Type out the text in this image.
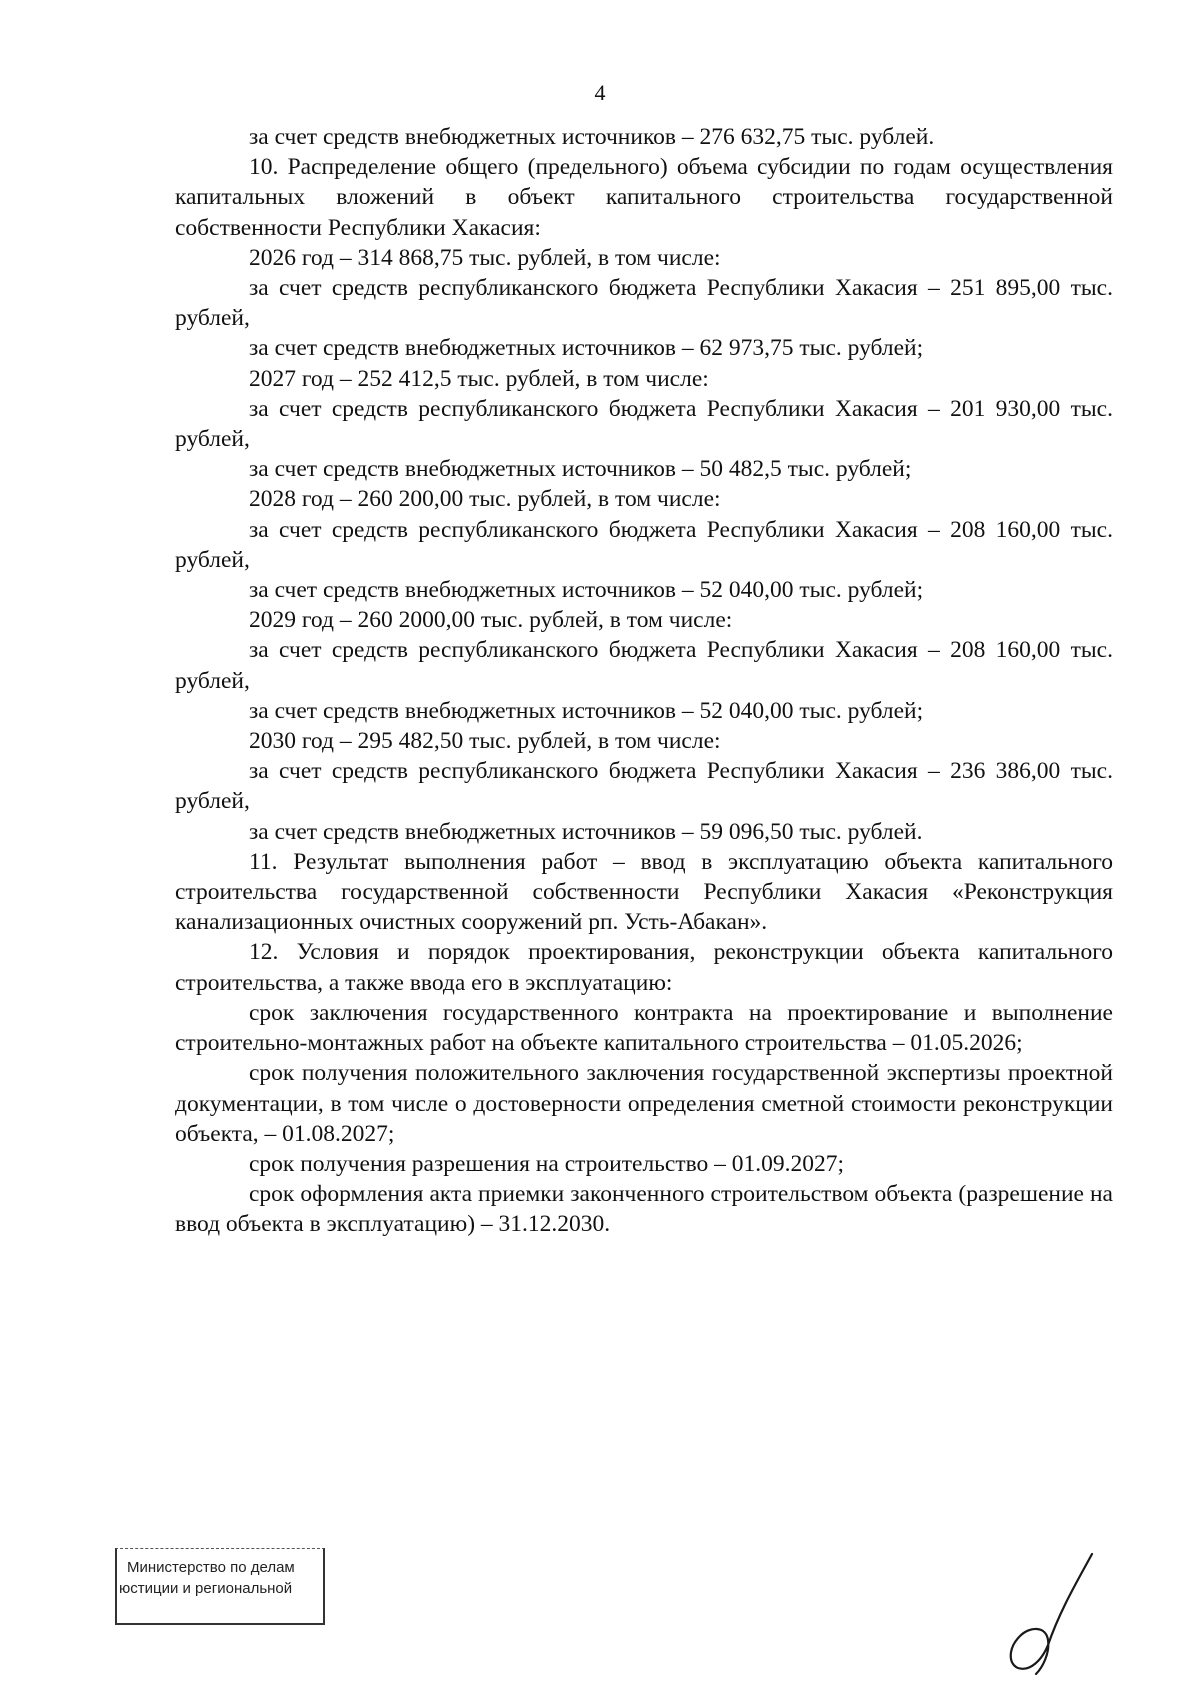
4

за счет средств внебюджетных источников – 276 632,75 тыс. рублей.

10. Распределение общего (предельного) объема субсидии по годам осуществления капитальных вложений в объект капитального строительства государственной собственности Республики Хакасия:

2026 год – 314 868,75 тыс. рублей, в том числе:

за счет средств республиканского бюджета Республики Хакасия – 251 895,00 тыс. рублей,

за счет средств внебюджетных источников – 62 973,75 тыс. рублей;

2027 год – 252 412,5 тыс. рублей, в том числе:

за счет средств республиканского бюджета Республики Хакасия – 201 930,00 тыс. рублей,

за счет средств внебюджетных источников – 50 482,5 тыс. рублей;

2028 год – 260 200,00 тыс. рублей, в том числе:

за счет средств республиканского бюджета Республики Хакасия – 208 160,00 тыс. рублей,

за счет средств внебюджетных источников – 52 040,00 тыс. рублей;

2029 год – 260 2000,00 тыс. рублей, в том числе:

за счет средств республиканского бюджета Республики Хакасия – 208 160,00 тыс. рублей,

за счет средств внебюджетных источников – 52 040,00 тыс. рублей;

2030 год – 295 482,50 тыс. рублей, в том числе:

за счет средств республиканского бюджета Республики Хакасия – 236 386,00 тыс. рублей,

за счет средств внебюджетных источников – 59 096,50 тыс. рублей.

11. Результат выполнения работ – ввод в эксплуатацию объекта капитального строительства государственной собственности Республики Хакасия «Реконструкция канализационных очистных сооружений рп. Усть-Абакан».

12. Условия и порядок проектирования, реконструкции объекта капитального строительства, а также ввода его в эксплуатацию:

срок заключения государственного контракта на проектирование и выполнение строительно-монтажных работ на объекте капитального строительства – 01.05.2026;

срок получения положительного заключения государственной экспертизы проектной документации, в том числе о достоверности определения сметной стоимости реконструкции объекта, – 01.08.2027;

срок получения разрешения на строительство – 01.09.2027;

срок оформления акта приемки законченного строительством объекта (разрешение на ввод объекта в эксплуатацию) – 31.12.2030.

Министерство по делам
юстиции и региональной
